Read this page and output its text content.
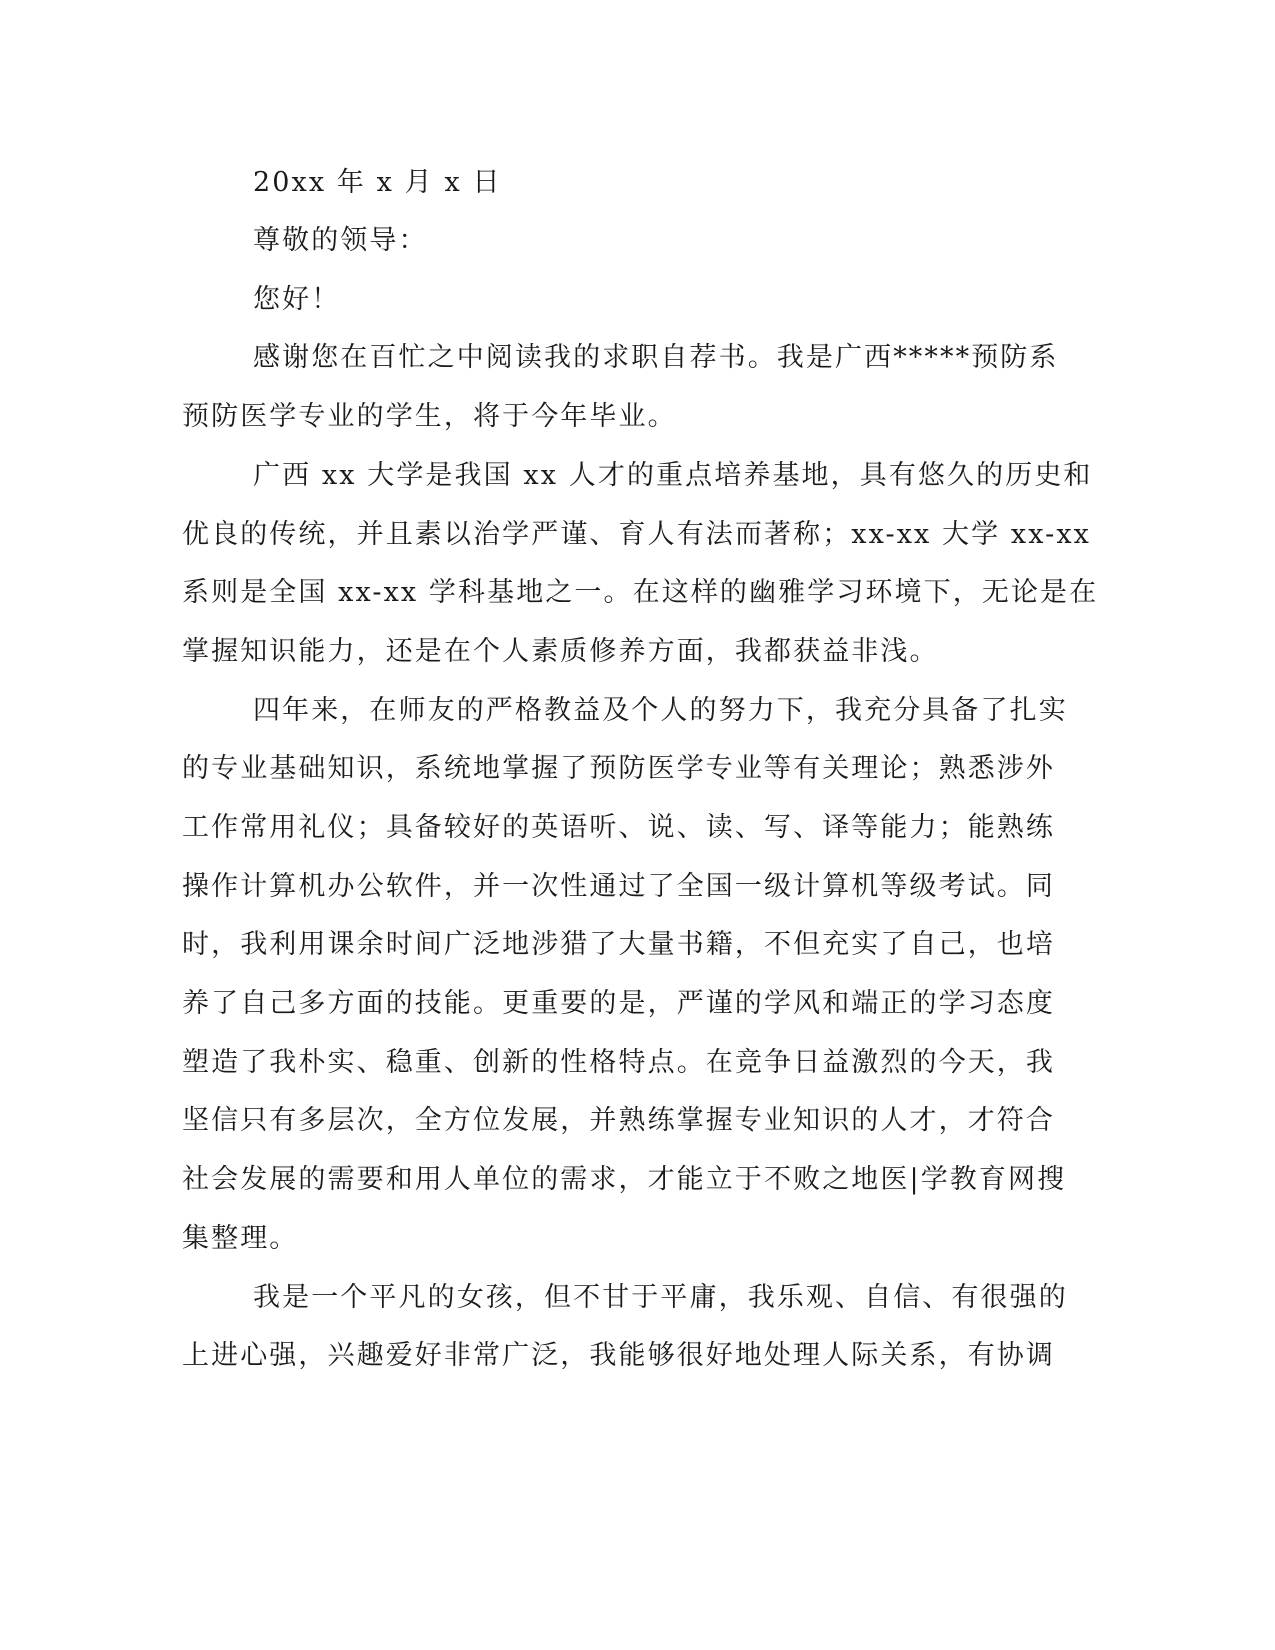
20xx 年 x 月 x 日
尊敬的领导：
您好！
感谢您在百忙之中阅读我的求职自荐书。我是广西*****预防系
预防医学专业的学生，将于今年毕业。
广西 xx 大学是我国 xx 人才的重点培养基地，具有悠久的历史和
优良的传统，并且素以治学严谨、育人有法而著称；xx-xx 大学 xx-xx
系则是全国 xx-xx 学科基地之一。在这样的幽雅学习环境下，无论是在
掌握知识能力，还是在个人素质修养方面，我都获益非浅。
四年来，在师友的严格教益及个人的努力下，我充分具备了扎实
的专业基础知识，系统地掌握了预防医学专业等有关理论；熟悉涉外
工作常用礼仪；具备较好的英语听、说、读、写、译等能力；能熟练
操作计算机办公软件，并一次性通过了全国一级计算机等级考试。同
时，我利用课余时间广泛地涉猎了大量书籍，不但充实了自己，也培
养了自己多方面的技能。更重要的是，严谨的学风和端正的学习态度
塑造了我朴实、稳重、创新的性格特点。在竞争日益激烈的今天，我
坚信只有多层次，全方位发展，并熟练掌握专业知识的人才，才符合
社会发展的需要和用人单位的需求，才能立于不败之地医|学教育网搜
集整理。
我是一个平凡的女孩，但不甘于平庸，我乐观、自信、有很强的
上进心强，兴趣爱好非常广泛，我能够很好地处理人际关系，有协调
